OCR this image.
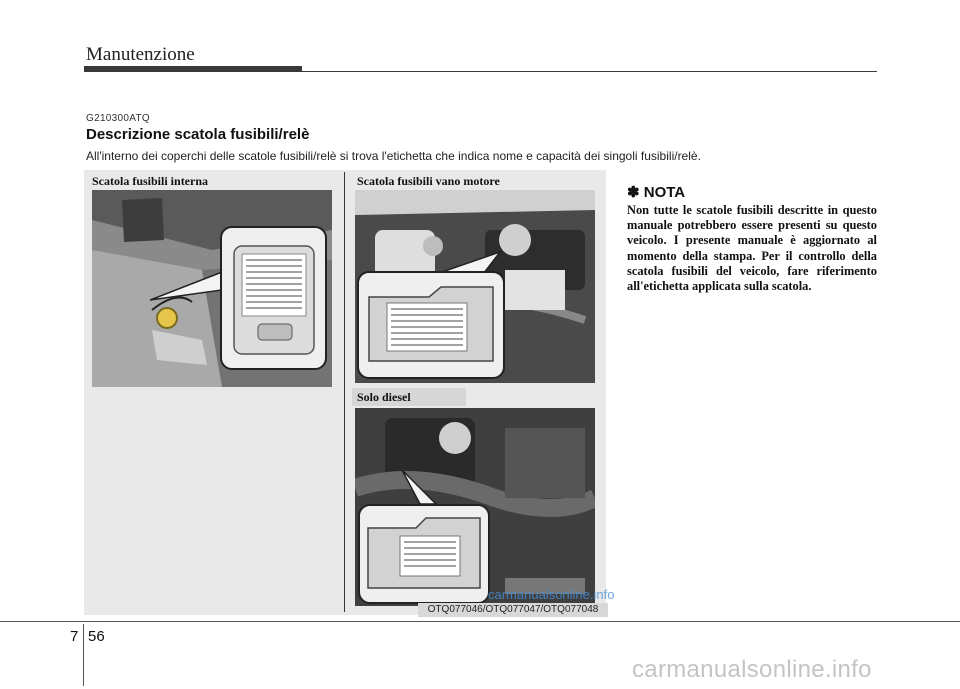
Manutenzione
G210300ATQ
Descrizione scatola fusibili/relè
All'interno dei coperchi delle scatole fusibili/relè si trova l'etichetta che indica nome e capacità dei singoli fusibili/relè.
Scatola fusibili interna	Scatola fusibili vano motore
Solo diesel
carmanualsonline.info
OTQ077046/OTQ077047/OTQ077048
✽ NOTA
Non tutte le scatole fusibili descritte in questo manuale potrebbero essere presenti su questo veicolo. I presente manuale è aggiornato al momento della stampa. Per il controllo della scatola fusibili del veicolo, fare riferimento all'etichetta applicata sulla scatola.
7 56
carmanualsonline.info
